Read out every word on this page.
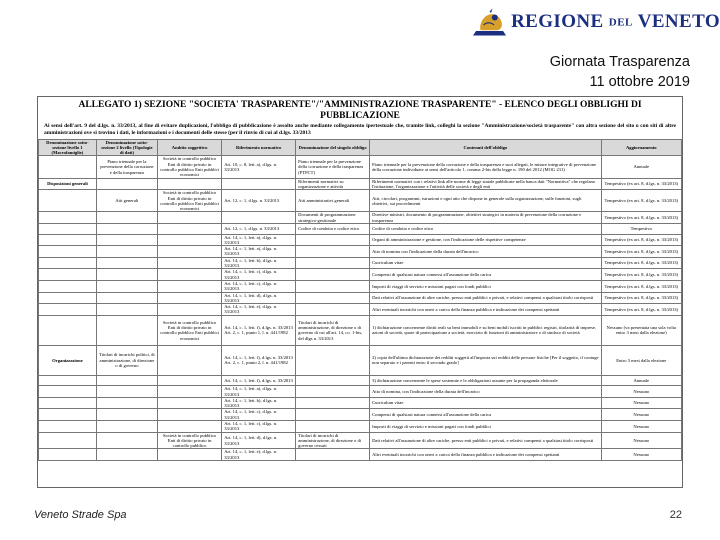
REGIONE DEL VENETO
Giornata Trasparenza
11 ottobre 2019
ALLEGATO 1) SEZIONE "SOCIETA' TRASPARENTE"/"AMMINISTRAZIONE TRASPARENTE" - ELENCO DEGLI OBBLIGHI DI PUBBLICAZIONE
Ai sensi dell'art. 9 del d.lgs. n. 33/2013, al fine di evitare duplicazioni, l'obbligo di pubblicazione è assolto anche mediante collegamento ipertestuale che, tramite link, colleghi la sezione "Amministrazione/società trasparente" con altra sezione del sito o con siti di altre amministrazioni ove si trovino i dati, le informazioni e i documenti delle stesse (per il rinvio di cui al d.lgs. 33/2013
Denominazione sotto-sezione livello 1 (Macrofamiglie)	Denominazione sotto-sezione 2 livello (Tipologie di dati)	Ambito soggettivo	Riferimento normativo	Denominazione del singolo obbligo	Contenuti dell'obbligo	Aggiornamento
	Piano triennale per la prevenzione della corruzione e della trasparenza	Società in controllo pubblico Enti di diritto privato in controllo pubblico Enti pubblici economici	Art. 10, c. 8, lett. a), d.lgs. n. 33/2013	Piano triennale per la prevenzione della corruzione e della trasparenza (PTPCT)	Piano triennale per la prevenzione della corruzione e della trasparenza e suoi allegati, le misure integrative di prevenzione della corruzione individuate ai sensi dell'articolo 1, comma 2-bis della legge n. 190 del 2012 (MOG 231)	Annuale
Disposizioni generali				Riferimenti normativi su organizzazione e attività	Riferimenti normativi con i relativi link alle norme di legge statale pubblicate nella banca dati "Normattiva" che regolano l'istituzione, l'organizzazione e l'attività delle società e degli enti	Tempestivo (ex art. 8, d.lgs. n. 33/2013)
	Atti generali	Società in controllo pubblico Enti di diritto privato in controllo pubblico Enti pubblici economici	Art. 12, c. 1, d.lgs. n. 33/2013	Atti amministrativi generali	Atti, circolari, programmi, istruzioni e ogni atto che dispone in generale sulla organizzazione, sulle funzioni, sugli obiettivi, sui procedimenti	Tempestivo (ex art. 8, d.lgs. n. 33/2013)
				Documenti di programmazione strategico-gestionale	Direttive ministri, documento di programmazione, obiettivi strategici in materia di prevenzione della corruzione e trasparenza	Tempestivo (ex art. 8, d.lgs. n. 33/2013)
			Art. 12, c. 1, d.lgs. n. 33/2013	Codice di condotta e codice etico	Codice di condotta e codice etico	Tempestivo
			Art. 14, c. 1, lett. a), d.lgs. n. 33/2013		Organi di amministrazione e gestione, con l'indicazione delle rispettive competenze	Tempestivo (ex art. 8, d.lgs. n. 33/2013)
			Art. 14, c. 1, lett. a), d.lgs. n. 33/2013		Atto di nomina con l'indicazione della durata dell'incarico	Tempestivo (ex art. 8, d.lgs. n. 33/2013)
			Art. 14, c. 1, lett. b), d.lgs. n. 33/2013		Curriculum vitae	Tempestivo (ex art. 8, d.lgs. n. 33/2013)
			Art. 14, c. 1, lett. c), d.lgs. n. 33/2013		Compensi di qualsiasi natura connessi all'assunzione della carica	Tempestivo (ex art. 8, d.lgs. n. 33/2013)
			Art. 14, c. 1, lett. c), d.lgs. n. 33/2013		Importi di viaggi di servizio e missioni pagati con fondi pubblici	Tempestivo (ex art. 8, d.lgs. n. 33/2013)
			Art. 14, c. 1, lett. d), d.lgs. n. 33/2013		Dati relativi all'assunzione di altre cariche, presso enti pubblici o privati, e relativi compensi a qualsiasi titolo corrisposti	Tempestivo (ex art. 8, d.lgs. n. 33/2013)
			Art. 14, c. 1, lett. e), d.lgs. n. 33/2013		Altri eventuali incarichi con oneri a carico della finanza pubblica e indicazione dei compensi spettanti	Tempestivo (ex art. 8, d.lgs. n. 33/2013)
		Società in controllo pubblico Enti di diritto privato in controllo pubblico Enti pubblici economici	Art. 14, c. 1, lett. f), d.lgs. n. 33/2013 Art. 2, c. 1, punto 1, l. n. 441/1982	Titolari di incarichi di amministrazione, di direzione o di governo di cui all'art. 14, co. 1-bis, del dlgs n. 33/2013	1) dichiarazione concernente diritti reali su beni immobili e su beni mobili iscritti in pubblici registri, titolarità di imprese, azioni di società, quote di partecipazione a società, esercizio di funzioni di amministratore o di sindaco di società	Nessuno (va presentata una sola volta entro 3 mesi dalla elezione)
Organizzazione	Titolari di incarichi politici, di amministrazione, di direzione o di governo		Art. 14, c. 1, lett. f), d.lgs. n. 33/2013 Art. 2, c. 1, punto 2, l. n. 441/1982		2) copia dell'ultima dichiarazione dei redditi soggetti all'imposta sui redditi delle persone fisiche [Per il soggetto, il coniuge non separato e i parenti entro il secondo grado]	Entro 3 mesi dalla elezione
			Art. 14, c. 1, lett. f), d.lgs. n. 33/2013		3) dichiarazione concernente le spese sostenute e le obbligazioni assunte per la propaganda elettorale	Annuale
			Art. 14, c. 1, lett. a), d.lgs. n. 33/2013		Atto di nomina, con l'indicazione della durata dell'incarico	Nessuno
			Art. 14, c. 1, lett. b), d.lgs. n. 33/2013		Curriculum vitae	Nessuno
			Art. 14, c. 1, lett. c), d.lgs. n. 33/2013		Compensi di qualsiasi natura connessi all'assunzione della carica	Nessuno
			Art. 14, c. 1, lett. c), d.lgs. n. 33/2013		Importi di viaggi di servizio e missioni pagati con fondi pubblici	Nessuno
		Società in controllo pubblico Enti di diritto privato in controllo pubblico	Art. 14, c. 1, lett. d), d.lgs. n. 33/2013	Titolari di incarichi di amministrazione, di direzione o di governo cessati	Dati relativi all'assunzione di altre cariche, presso enti pubblici o privati, e relativi compensi a qualsiasi titolo corrisposti	Nessuno
			Art. 14, c. 1, lett. e), d.lgs. n. 33/2013		Altri eventuali incarichi con oneri a carico della finanza pubblica e indicazione dei compensi spettanti	Nessuno
Veneto Strade Spa	22
